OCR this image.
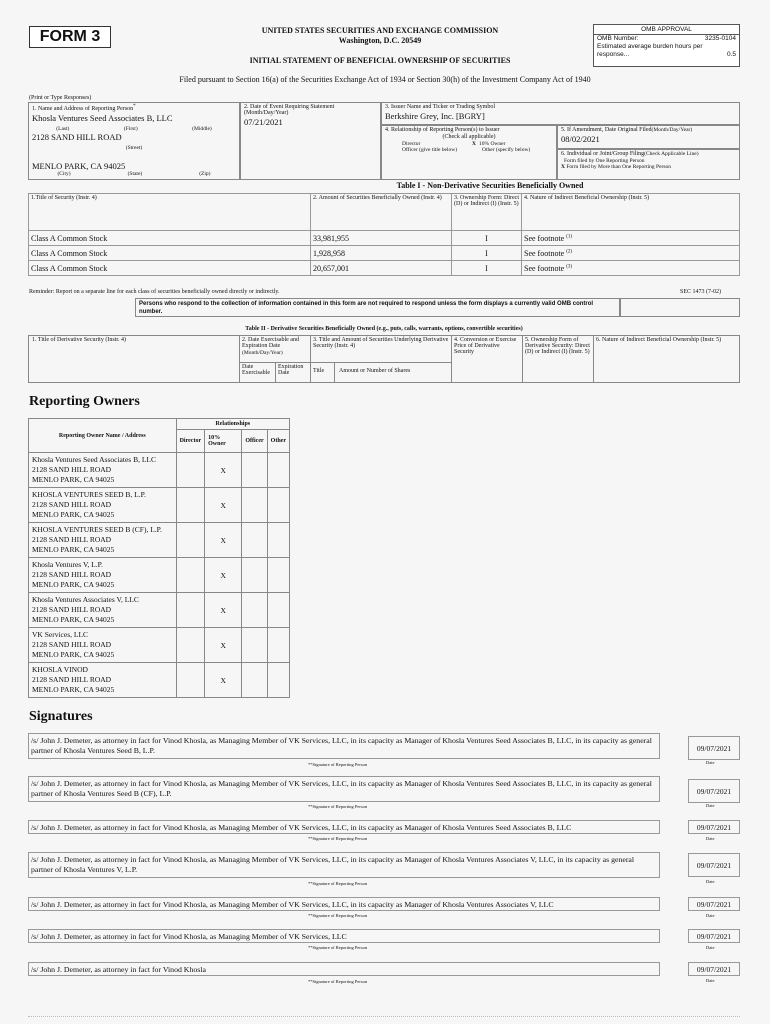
FORM 3	UNITED STATES SECURITIES AND EXCHANGE COMMISSION
Washington, D.C. 20549
INITIAL STATEMENT OF BENEFICIAL OWNERSHIP OF SECURITIES
OMB APPROVAL
OMB Number:	3235-0104
Estimated average burden hours per
response...	0.5
Filed pursuant to Section 16(a) of the Securities Exchange Act of 1934 or Section 30(h) of the Investment Company Act of 1940
(Print or Type Responses)
1. Name and Address of Reporting Person*
Khosla Ventures Seed Associates B, LLC
(Last)	(First)	(Middle)
2128 SAND HILL ROAD
(Street)
MENLO PARK, CA 94025
(City)	(State)	(Zip)
2. Date of Event Requiring Statement (Month/Day/Year)
07/21/2021
3. Issuer Name and Ticker or Trading Symbol
Berkshire Grey, Inc. [BGRY]
4. Relationship of Reporting Person(s) to Issuer
(Check all applicable)
Director	X 10% Owner
Officer (give title below)	Other (specify below)
5. If Amendment, Date Original Filed(Month/Day/Year)
08/02/2021
6. Individual or Joint/Group Filing(Check Applicable Line)
Form filed by One Reporting Person
X Form filed by More than One Reporting Person
Table I - Non-Derivative Securities Beneficially Owned
1.Title of Security (Instr. 4)	2. Amount of Securities Beneficially Owned (Instr. 4)	3. Ownership Form: Direct (D) or Indirect (I) (Instr. 5)	4. Nature of Indirect Beneficial Ownership (Instr. 5)
Class A Common Stock	33,981,955	I	See footnote $^{(1)}$
Class A Common Stock	1,928,958	I	See footnote $^{(2)}$
Class A Common Stock	20,657,001	I	See footnote $^{(3)}$
Reminder: Report on a separate line for each class of securities beneficially owned directly or indirectly.	SEC 1473 (7-02)
Persons who respond to the collection of information contained in this form are not required to respond unless the form displays a currently valid OMB control number.
Table II - Derivative Securities Beneficially Owned (e.g., puts, calls, warrants, options, convertible securities)
1. Title of Derivative Security (Instr. 4)	2. Date Exercisable and Expiration Date
(Month/Day/Year)
Date Exercisable
Expiration Date
3. Title and Amount of Securities Underlying Derivative Security (Instr. 4)
Title	Amount or Number of Shares
4. Conversion or Exercise Price of Derivative Security
5. Ownership Form of Derivative Security: Direct (D) or Indirect (I) (Instr. 5)
6. Nature of Indirect Beneficial Ownership (Instr. 5)
Reporting Owners
Reporting Owner Name / Address	Relationships			
	Director	10% Owner	Officer	Other

Khosla Ventures Seed Associates B, LLC
2128 SAND HILL ROAD
MENLO PARK, CA 94025		X		

KHOSLA VENTURES SEED B, L.P.
2128 SAND HILL ROAD
MENLO PARK, CA 94025		X		

KHOSLA VENTURES SEED B (CF), L.P.
2128 SAND HILL ROAD
MENLO PARK, CA 94025		X		

Khosla Ventures V, L.P.
2128 SAND HILL ROAD
MENLO PARK, CA 94025		X		

Khosla Ventures Associates V, LLC
2128 SAND HILL ROAD
MENLO PARK, CA 94025		X		

VK Services, LLC
2128 SAND HILL ROAD
MENLO PARK, CA 94025		X		

KHOSLA VINOD
2128 SAND HILL ROAD
MENLO PARK, CA 94025		X		
Signatures
/s/ John J. Demeter, as attorney in fact for Vinod Khosla, as Managing Member of VK Services, LLC, in its capacity as Manager of Khosla Ventures Seed Associates B, LLC, in its capacity as general partner of Khosla Ventures Seed B, L.P.	09/07/2021
**Signature of Reporting Person	Date
/s/ John J. Demeter, as attorney in fact for Vinod Khosla, as Managing Member of VK Services, LLC, in its capacity as Manager of Khosla Ventures Seed Associates B, LLC, in its capacity as general partner of Khosla Ventures Seed B (CF), L.P.	09/07/2021
**Signature of Reporting Person	Date
/s/ John J. Demeter, as attorney in fact for Vinod Khosla, as Managing Member of VK Services, LLC, in its capacity as Manager of Khosla Ventures Seed Associates B, LLC	09/07/2021
**Signature of Reporting Person	Date
/s/ John J. Demeter, as attorney in fact for Vinod Khosla, as Managing Member of VK Services, LLC, in its capacity as Manager of Khosla Ventures Associates V, LLC, in its capacity as general partner of Khosla Ventures V, L.P.	09/07/2021
**Signature of Reporting Person	Date
/s/ John J. Demeter, as attorney in fact for Vinod Khosla, as Managing Member of VK Services, LLC, in its capacity as Manager of Khosla Ventures Associates V, LLC	09/07/2021
**Signature of Reporting Person	Date
/s/ John J. Demeter, as attorney in fact for Vinod Khosla, as Managing Member of VK Services, LLC	09/07/2021
**Signature of Reporting Person	Date
/s/ John J. Demeter, as attorney in fact for Vinod Khosla	09/07/2021
**Signature of Reporting Person	Date
